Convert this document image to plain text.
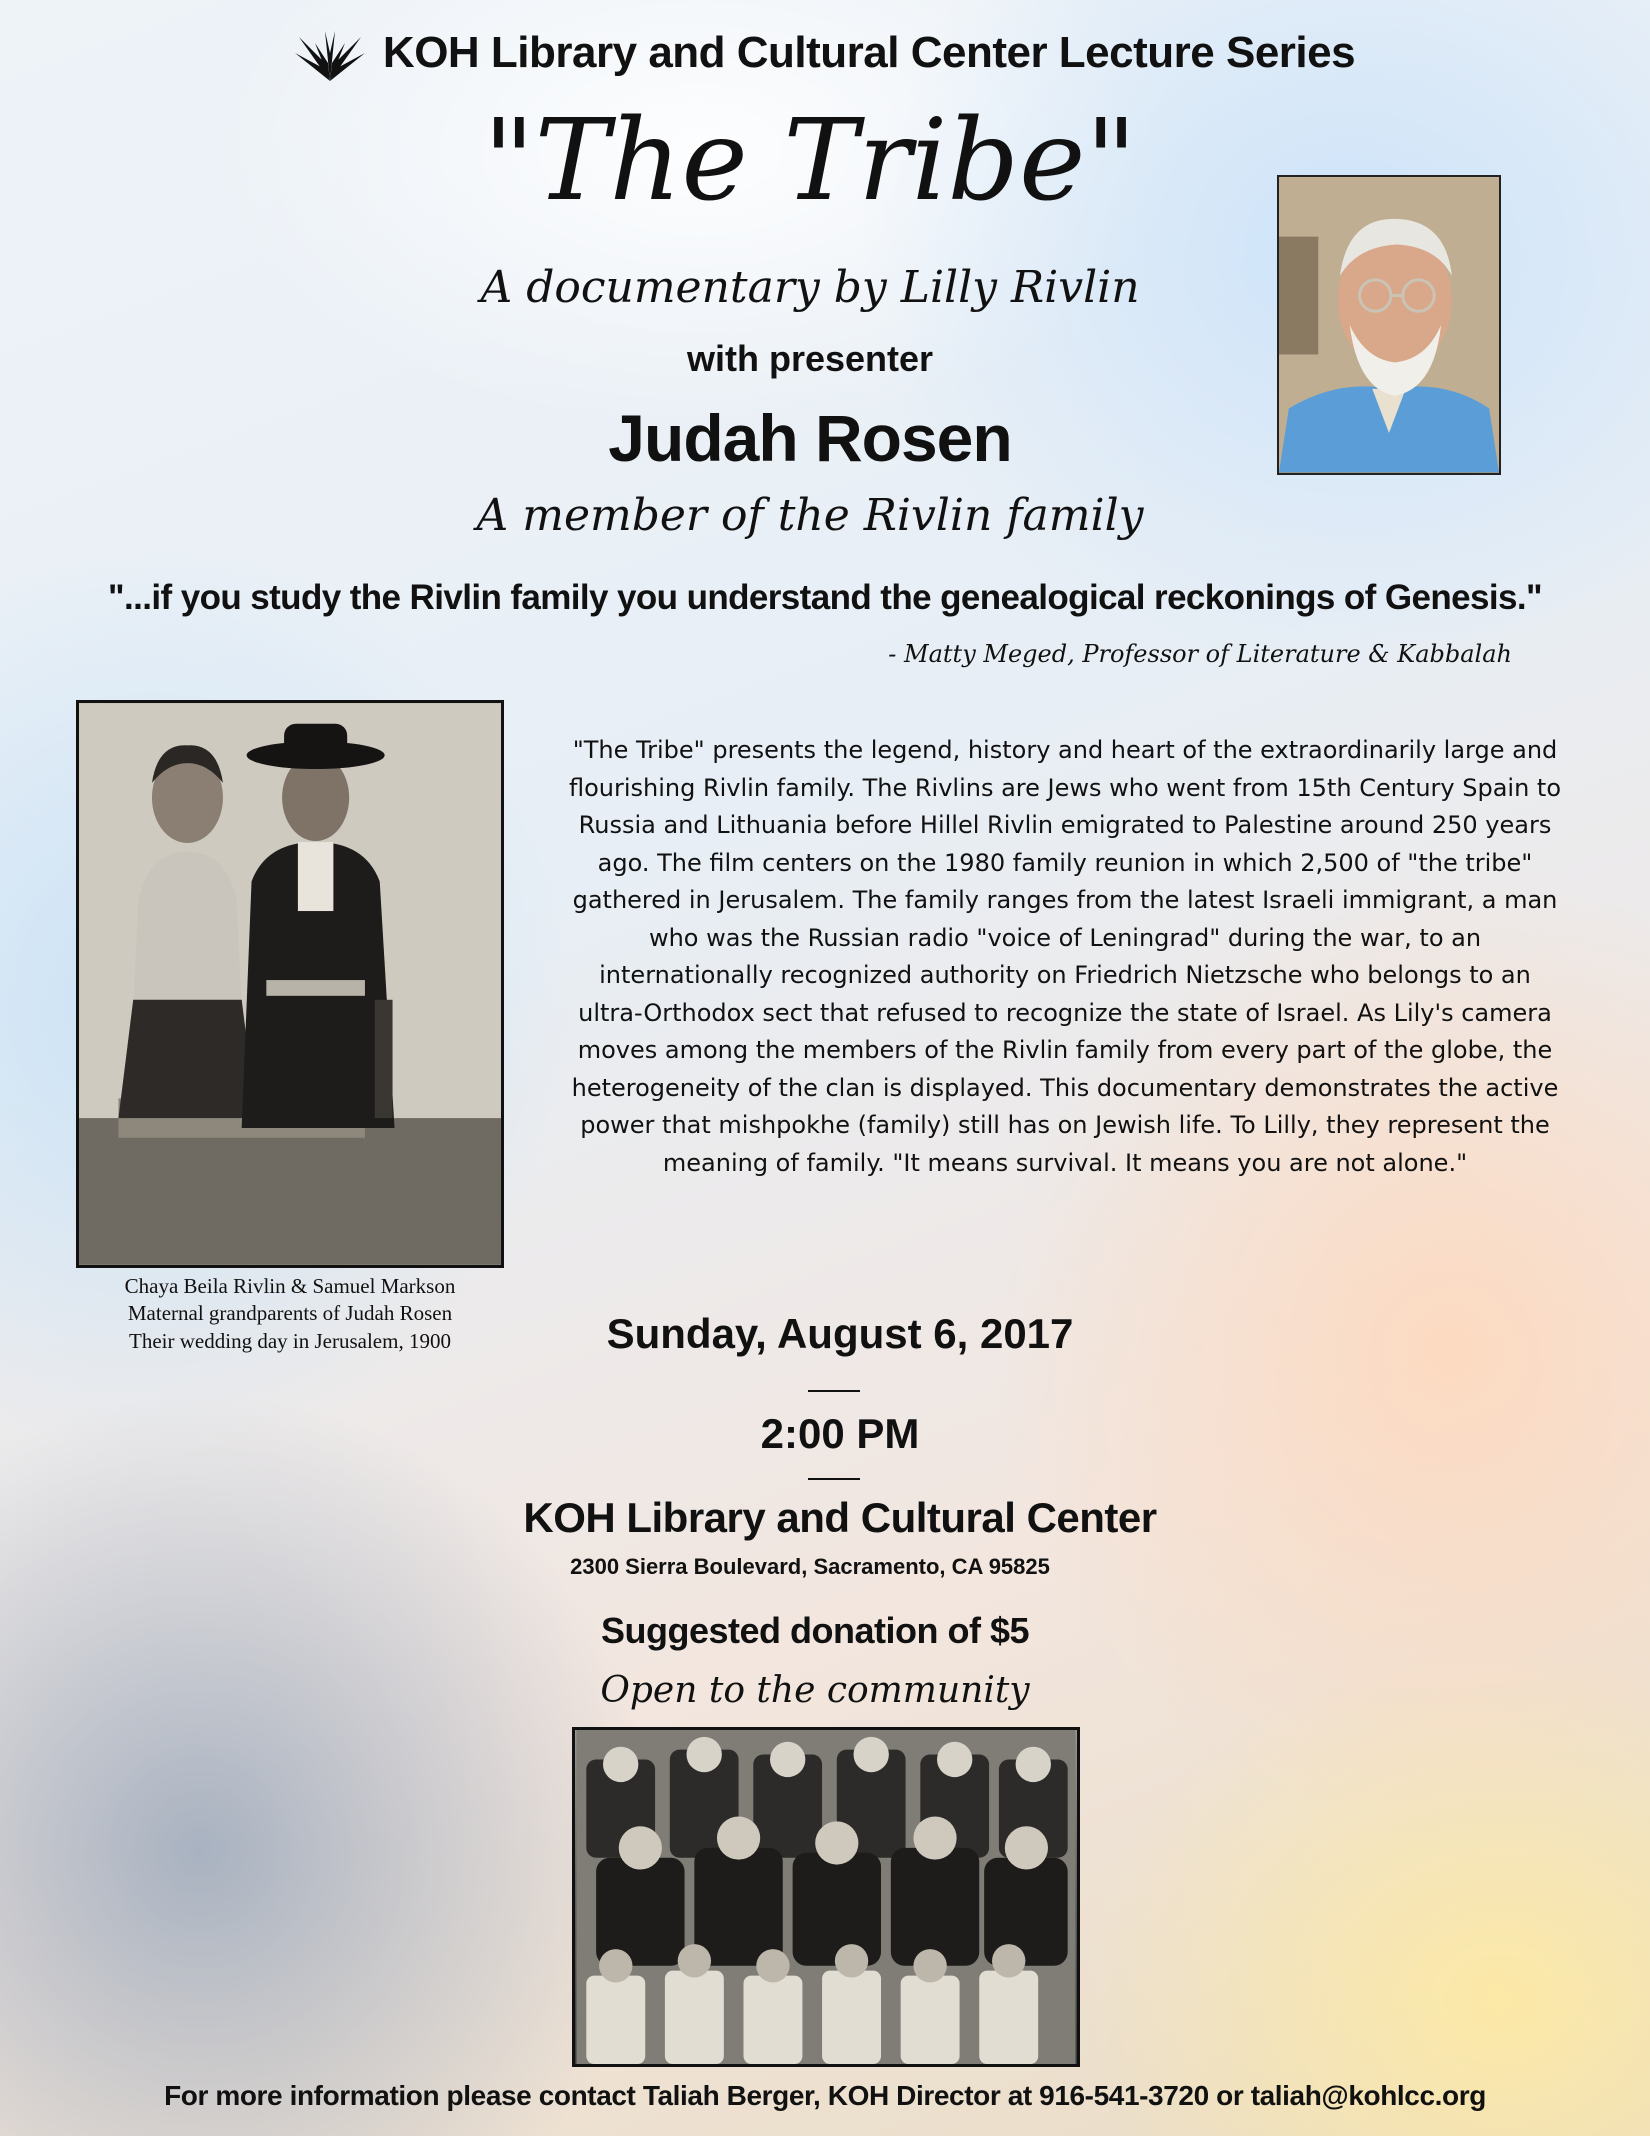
KOH Library and Cultural Center Lecture Series
"The Tribe"
A documentary by Lilly Rivlin
with presenter
Judah Rosen
A member of the Rivlin family
"...if you study the Rivlin family you understand the genealogical reckonings of Genesis."
- Matty Meged, Professor of Literature & Kabbalah
Chaya Beila Rivlin & Samuel Markson
Maternal grandparents of Judah Rosen
Their wedding day in Jerusalem, 1900
"The Tribe" presents the legend, history and heart of the extraordinarily large and flourishing Rivlin family. The Rivlins are Jews who went from 15th Century Spain to Russia and Lithuania before Hillel Rivlin emigrated to Palestine around 250 years ago. The film centers on the 1980 family reunion in which 2,500 of "the tribe" gathered in Jerusalem. The family ranges from the latest Israeli immigrant, a man who was the Russian radio "voice of Leningrad" during the war, to an internationally recognized authority on Friedrich Nietzsche who belongs to an ultra-Orthodox sect that refused to recognize the state of Israel. As Lily's camera moves among the members of the Rivlin family from every part of the globe, the heterogeneity of the clan is displayed. This documentary demonstrates the active power that mishpokhe (family) still has on Jewish life. To Lilly, they represent the meaning of family. "It means survival. It means you are not alone."
Sunday, August 6, 2017
2:00 PM
KOH Library and Cultural Center
2300 Sierra Boulevard, Sacramento, CA 95825
Suggested donation of $5
Open to the community
For more information please contact Taliah Berger, KOH Director at 916-541-3720 or taliah@kohlcc.org
